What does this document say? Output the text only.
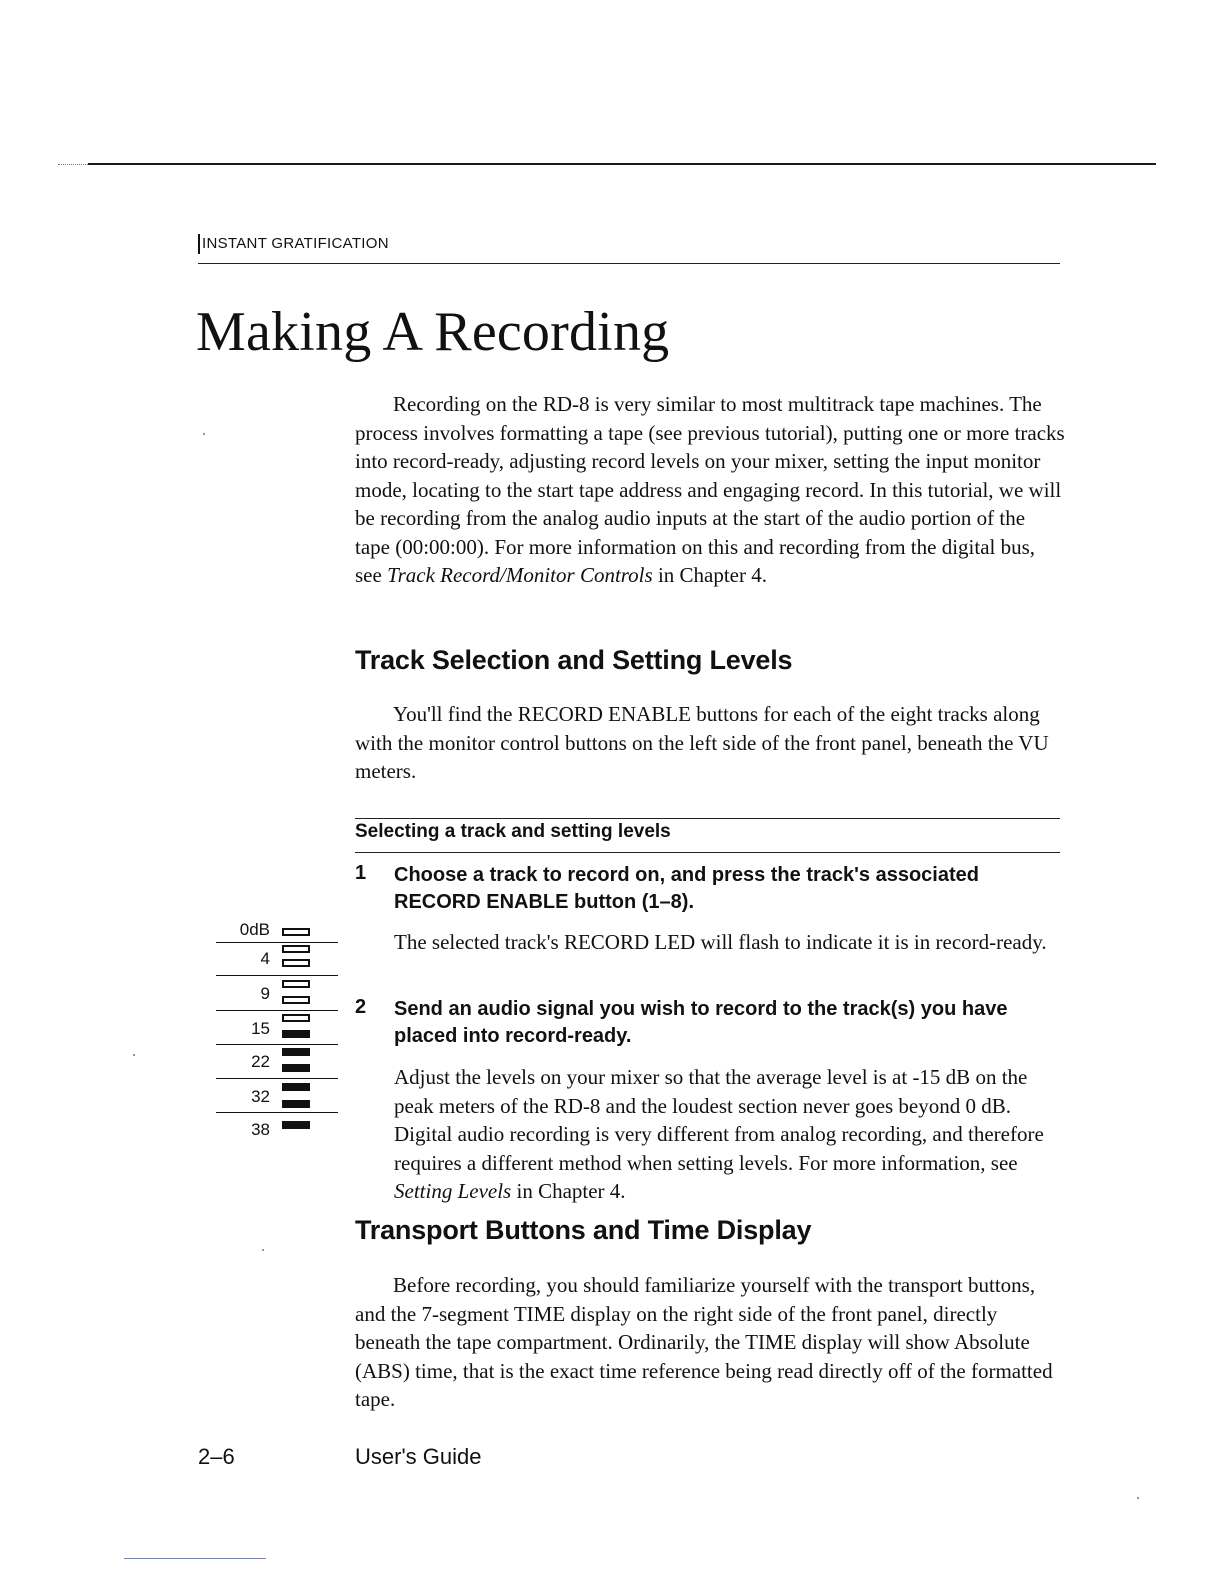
INSTANT GRATIFICATION
Making A Recording
Recording on the RD-8 is very similar to most multitrack tape machines. The process involves formatting a tape (see previous tutorial), putting one or more tracks into record-ready, adjusting record levels on your mixer, setting the input monitor mode, locating to the start tape address and engaging record. In this tutorial, we will be recording from the analog audio inputs at the start of the audio portion of the tape (00:00:00). For more information on this and recording from the digital bus, see Track Record/Monitor Controls in Chapter 4.
Track Selection and Setting Levels
You'll find the RECORD ENABLE buttons for each of the eight tracks along with the monitor control buttons on the left side of the front panel, beneath the VU meters.
Selecting a track and setting levels
1 Choose a track to record on, and press the track's associated RECORD ENABLE button (1–8).
The selected track's RECORD LED will flash to indicate it is in record-ready.
2 Send an audio signal you wish to record to the track(s) you have placed into record-ready.
Adjust the levels on your mixer so that the average level is at -15 dB on the peak meters of the RD-8 and the loudest section never goes beyond 0 dB. Digital audio recording is very different from analog recording, and therefore requires a different method when setting levels. For more information, see Setting Levels in Chapter 4.
0dB
4
9
15
22
32
38
Transport Buttons and Time Display
Before recording, you should familiarize yourself with the transport buttons, and the 7-segment TIME display on the right side of the front panel, directly beneath the tape compartment. Ordinarily, the TIME display will show Absolute (ABS) time, that is the exact time reference being read directly off of the formatted tape.
2–6	User's Guide
